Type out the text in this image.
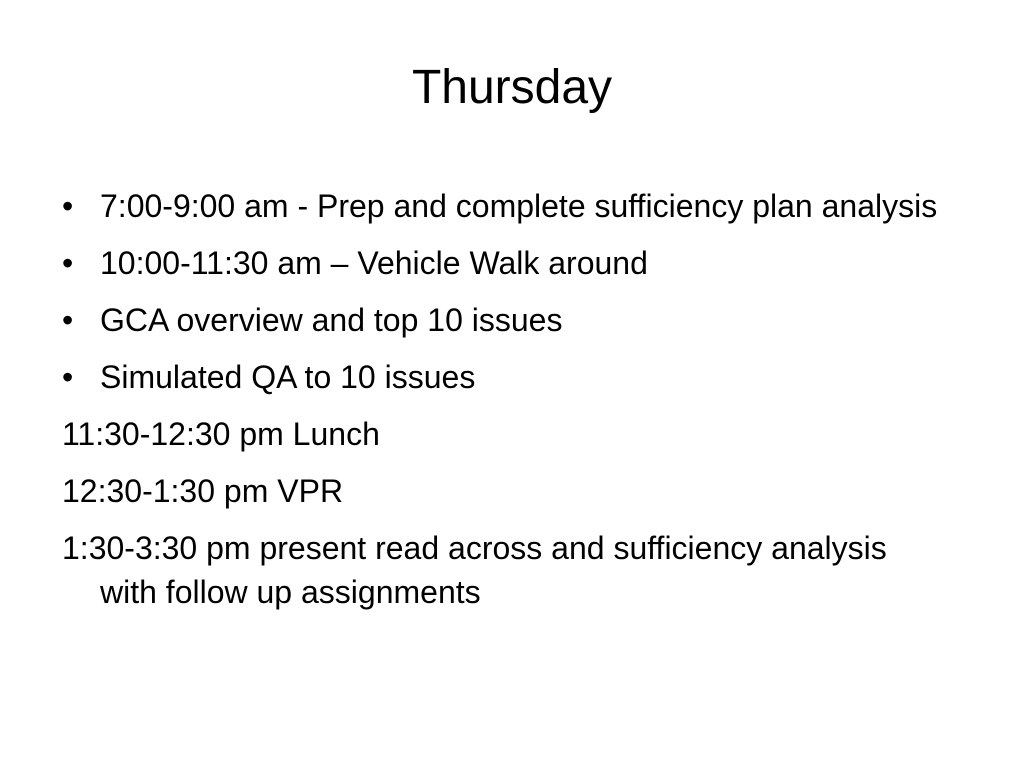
Thursday
• 7:00-9:00 am - Prep and complete sufficiency plan analysis
• 10:00-11:30 am – Vehicle Walk around
• GCA overview and top 10 issues
• Simulated QA to 10 issues
11:30-12:30 pm Lunch
12:30-1:30 pm VPR
1:30-3:30 pm present read across and sufficiency analysis with follow up assignments
